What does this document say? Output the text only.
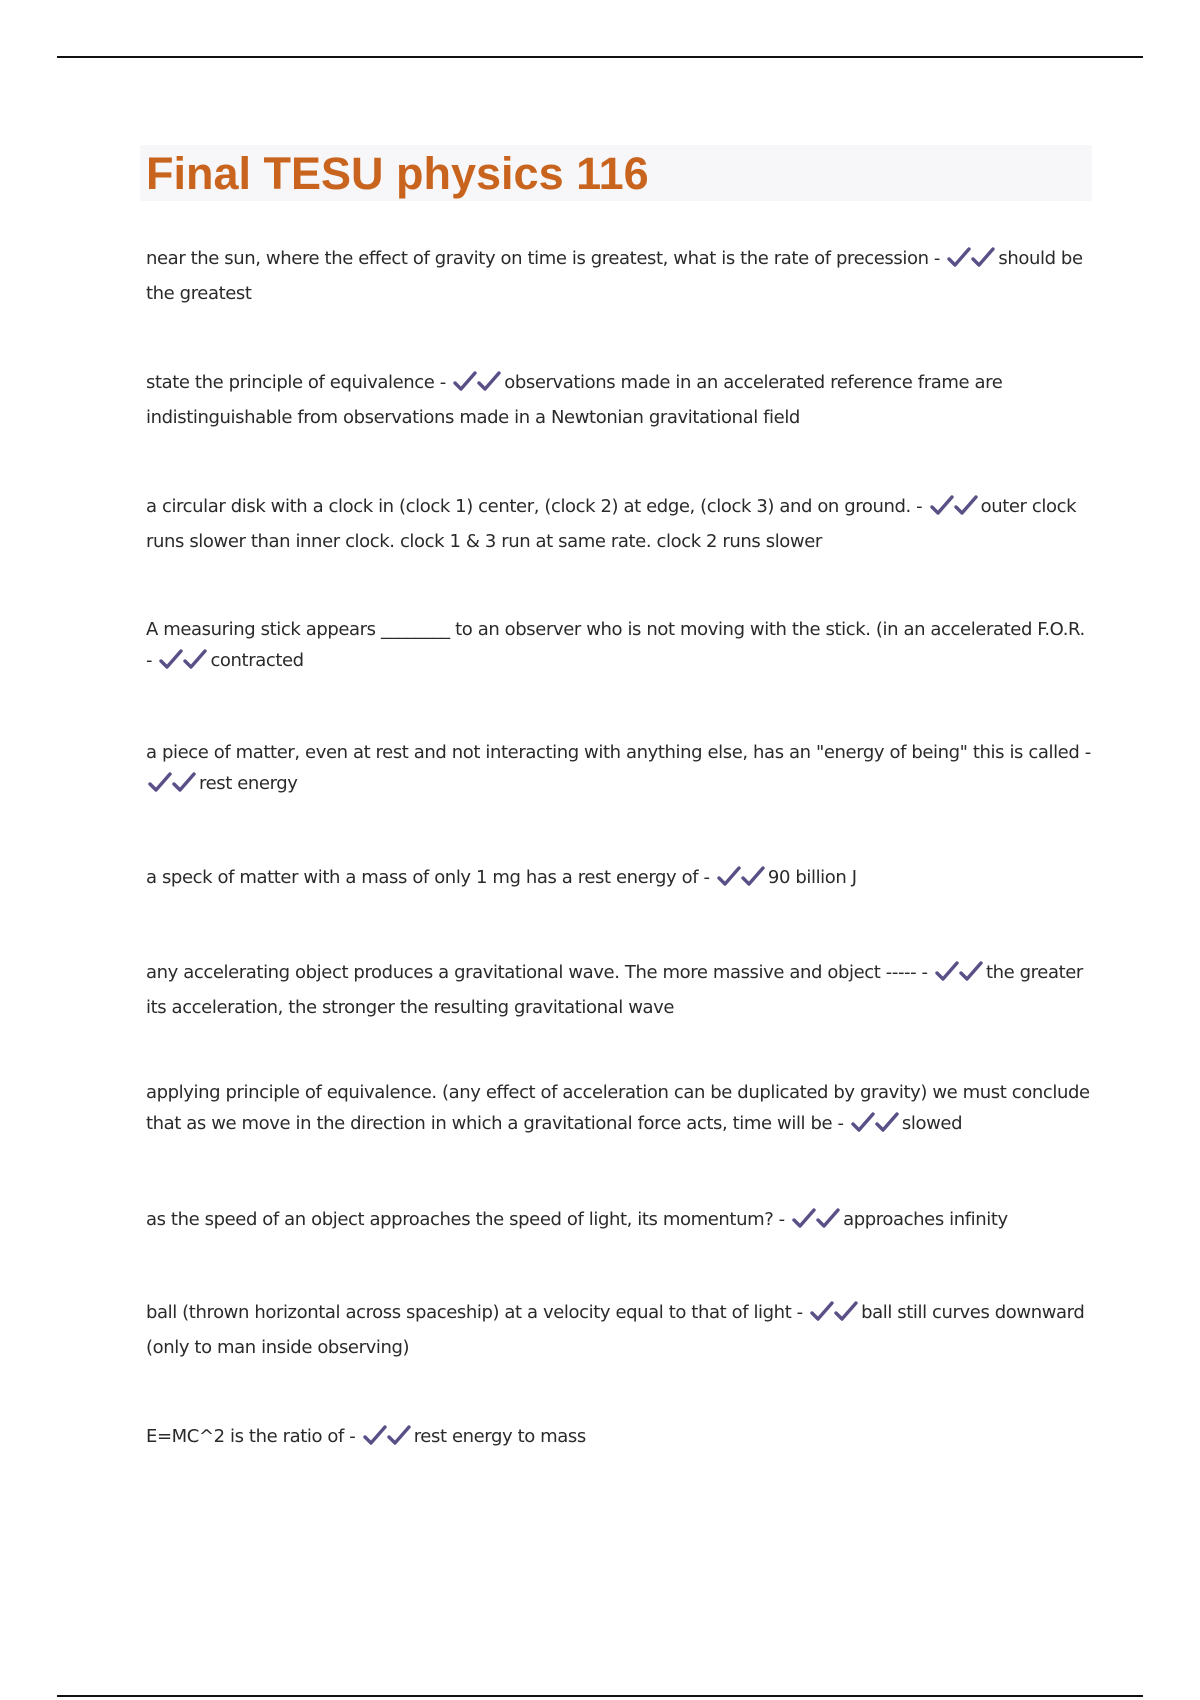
Final TESU physics 116
near the sun, where the effect of gravity on time is greatest, what is the rate of precession -	should be the greatest
state the principle of equivalence -	observations made in an accelerated reference frame are indistinguishable from observations made in a Newtonian gravitational field
a circular disk with a clock in (clock 1) center, (clock 2) at edge, (clock 3) and on ground. -	outer clock runs slower than inner clock. clock 1 & 3 run at same rate. clock 2 runs slower
A measuring stick appears ________ to an observer who is not moving with the stick. (in an accelerated F.O.R. -	contracted
a piece of matter, even at rest and not interacting with anything else, has an "energy of being" this is called - rest energy
a speck of matter with a mass of only 1 mg has a rest energy of -	90 billion J
any accelerating object produces a gravitational wave. The more massive and object ----- -	the greater its acceleration, the stronger the resulting gravitational wave
applying principle of equivalence. (any effect of acceleration can be duplicated by gravity) we must conclude that as we move in the direction in which a gravitational force acts, time will be -	slowed
as the speed of an object approaches the speed of light, its momentum? -	approaches infinity
ball (thrown horizontal across spaceship) at a velocity equal to that of light -	ball still curves downward (only to man inside observing)
E=MC^2 is the ratio of -	rest energy to mass
